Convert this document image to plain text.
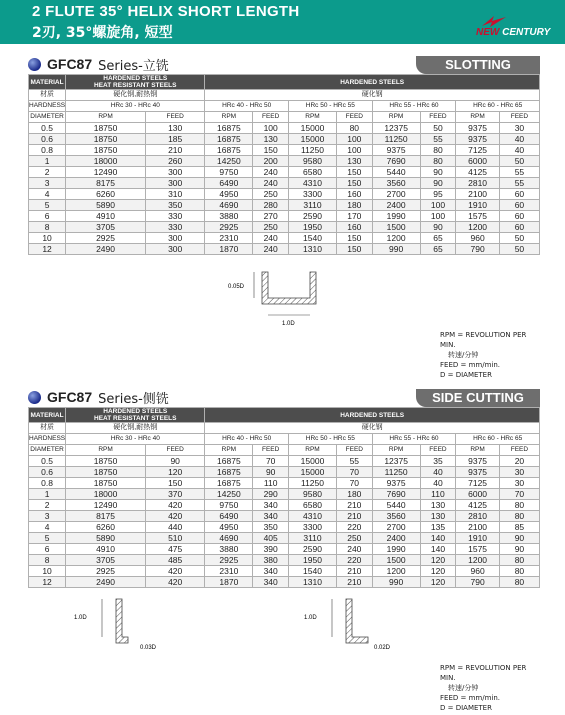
2 FLUTE 35° HELIX SHORT LENGTH
2刃, 35°螺旋角, 短型	NEW CENTURY
GFC87 Series-立铣	SLOTTING
MATERIAL	HARDENED STEELS
HEAT RESISTANT STEELS		HARDENED STEELS							
材质	硬化钢,耐热钢		硬化钢							
HARDNESS	HRc 30 - HRc 40		HRc 40 - HRc 50		HRc 50 - HRc 55		HRc 55 - HRc 60		HRc 60 - HRc 65	
DIAMETER	RPM	FEED	RPM	FEED	RPM	FEED	RPM	FEED	RPM	FEED
0.5	18750	130	16875	100	15000	80	12375	50	9375	30
0.6	18750	185	16875	130	15000	100	11250	55	9375	40
0.8	18750	210	16875	150	11250	100	9375	80	7125	40
1	18000	260	14250	200	9580	130	7690	80	6000	50
2	12490	300	9750	240	6580	150	5440	90	4125	55
3	8175	300	6490	240	4310	150	3560	90	2810	55
4	6260	310	4950	250	3300	160	2700	95	2100	60
5	5890	350	4690	280	3110	180	2400	100	1910	60
6	4910	330	3880	270	2590	170	1990	100	1575	60
8	3705	330	2925	250	1950	160	1500	90	1200	60
10	2925	300	2310	240	1540	150	1200	65	960	50
12	2490	300	1870	240	1310	150	990	65	790	50
0.05D
1.0D
RPM = REVOLUTION PER MIN.
转速/分钟
FEED = mm/min.
D = DIAMETER
GFC87 Series-侧铣	SIDE CUTTING
MATERIAL	HARDENED STEELS
HEAT RESISTANT STEELS		HARDENED STEELS							
材质	硬化钢,耐热钢		硬化钢							
HARDNESS	HRc 30 - HRc 40		HRc 40 - HRc 50		HRc 50 - HRc 55		HRc 55 - HRc 60		HRc 60 - HRc 65	
DIAMETER	RPM	FEED	RPM	FEED	RPM	FEED	RPM	FEED	RPM	FEED
0.5	18750	90	16875	70	15000	55	12375	35	9375	20
0.6	18750	120	16875	90	15000	70	11250	40	9375	30
0.8	18750	150	16875	110	11250	70	9375	40	7125	30
1	18000	370	14250	290	9580	180	7690	110	6000	70
2	12490	420	9750	340	6580	210	5440	130	4125	80
3	8175	420	6490	340	4310	210	3560	130	2810	80
4	6260	440	4950	350	3300	220	2700	135	2100	85
5	5890	510	4690	405	3110	250	2400	140	1910	90
6	4910	475	3880	390	2590	240	1990	140	1575	90
8	3705	485	2925	380	1950	220	1500	120	1200	80
10	2925	420	2310	340	1540	210	1200	120	960	80
12	2490	420	1870	340	1310	210	990	120	790	80
1.0D
0.03D
1.0D
0.02D
RPM = REVOLUTION PER MIN.
转速/分钟
FEED = mm/min.
D = DIAMETER
